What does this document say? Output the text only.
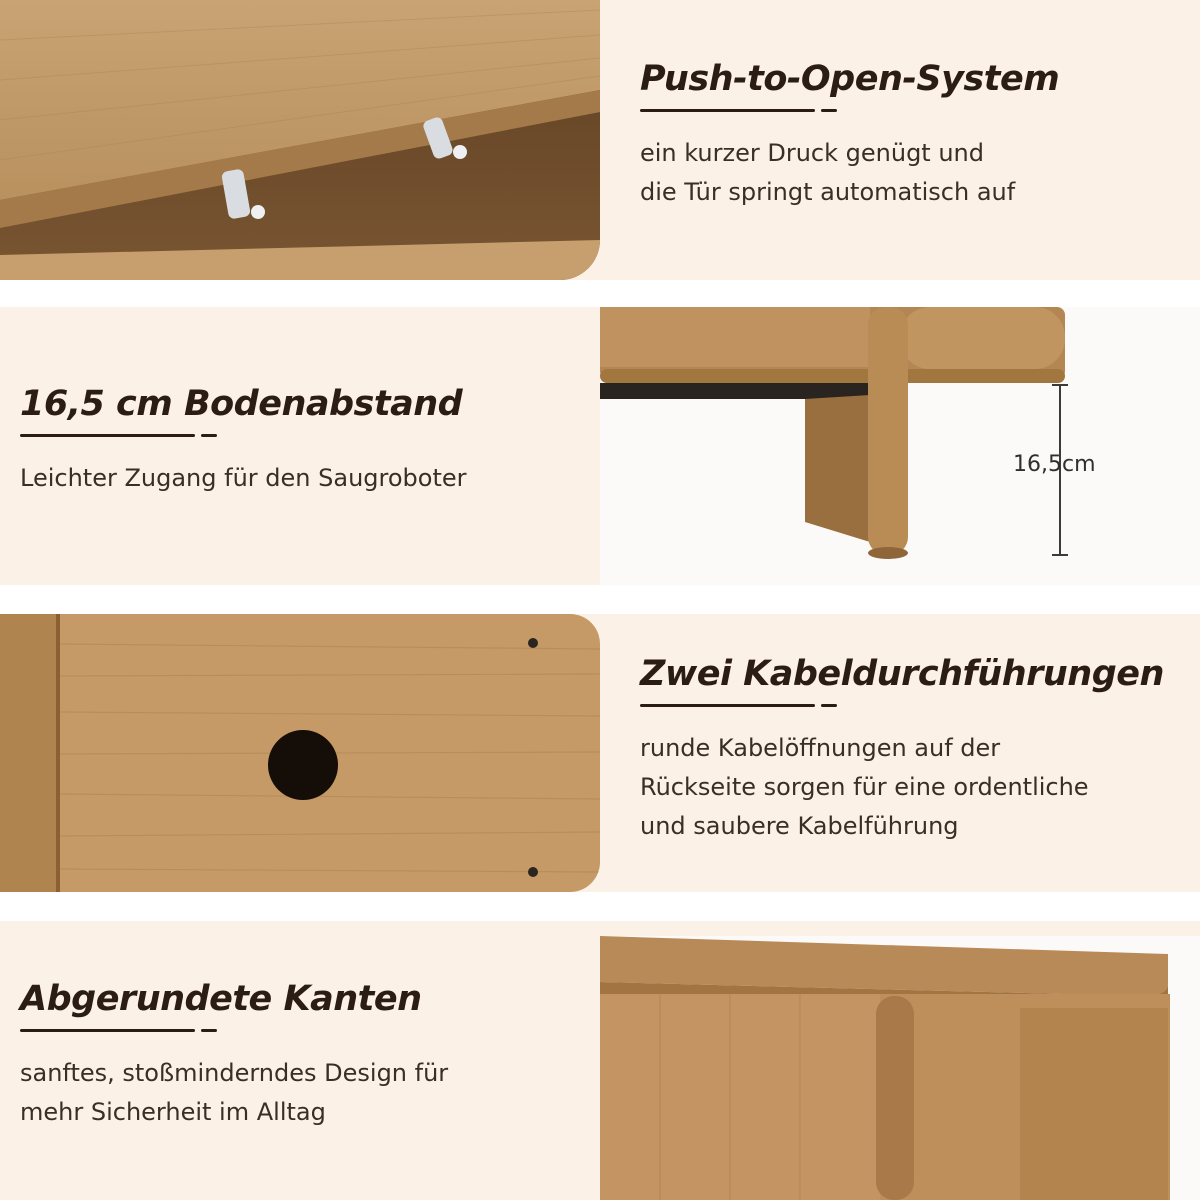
Push-to-Open-System
ein kurzer Druck genügt und
die Tür springt automatisch auf
16,5 cm Bodenabstand
Leichter Zugang für den Saugroboter	16,5cm
Zwei Kabeldurchführungen
runde Kabelöffnungen auf der
Rückseite sorgen für eine ordentliche
und saubere Kabelführung
Abgerundete Kanten
sanftes, stoßminderndes Design für
mehr Sicherheit im Alltag
